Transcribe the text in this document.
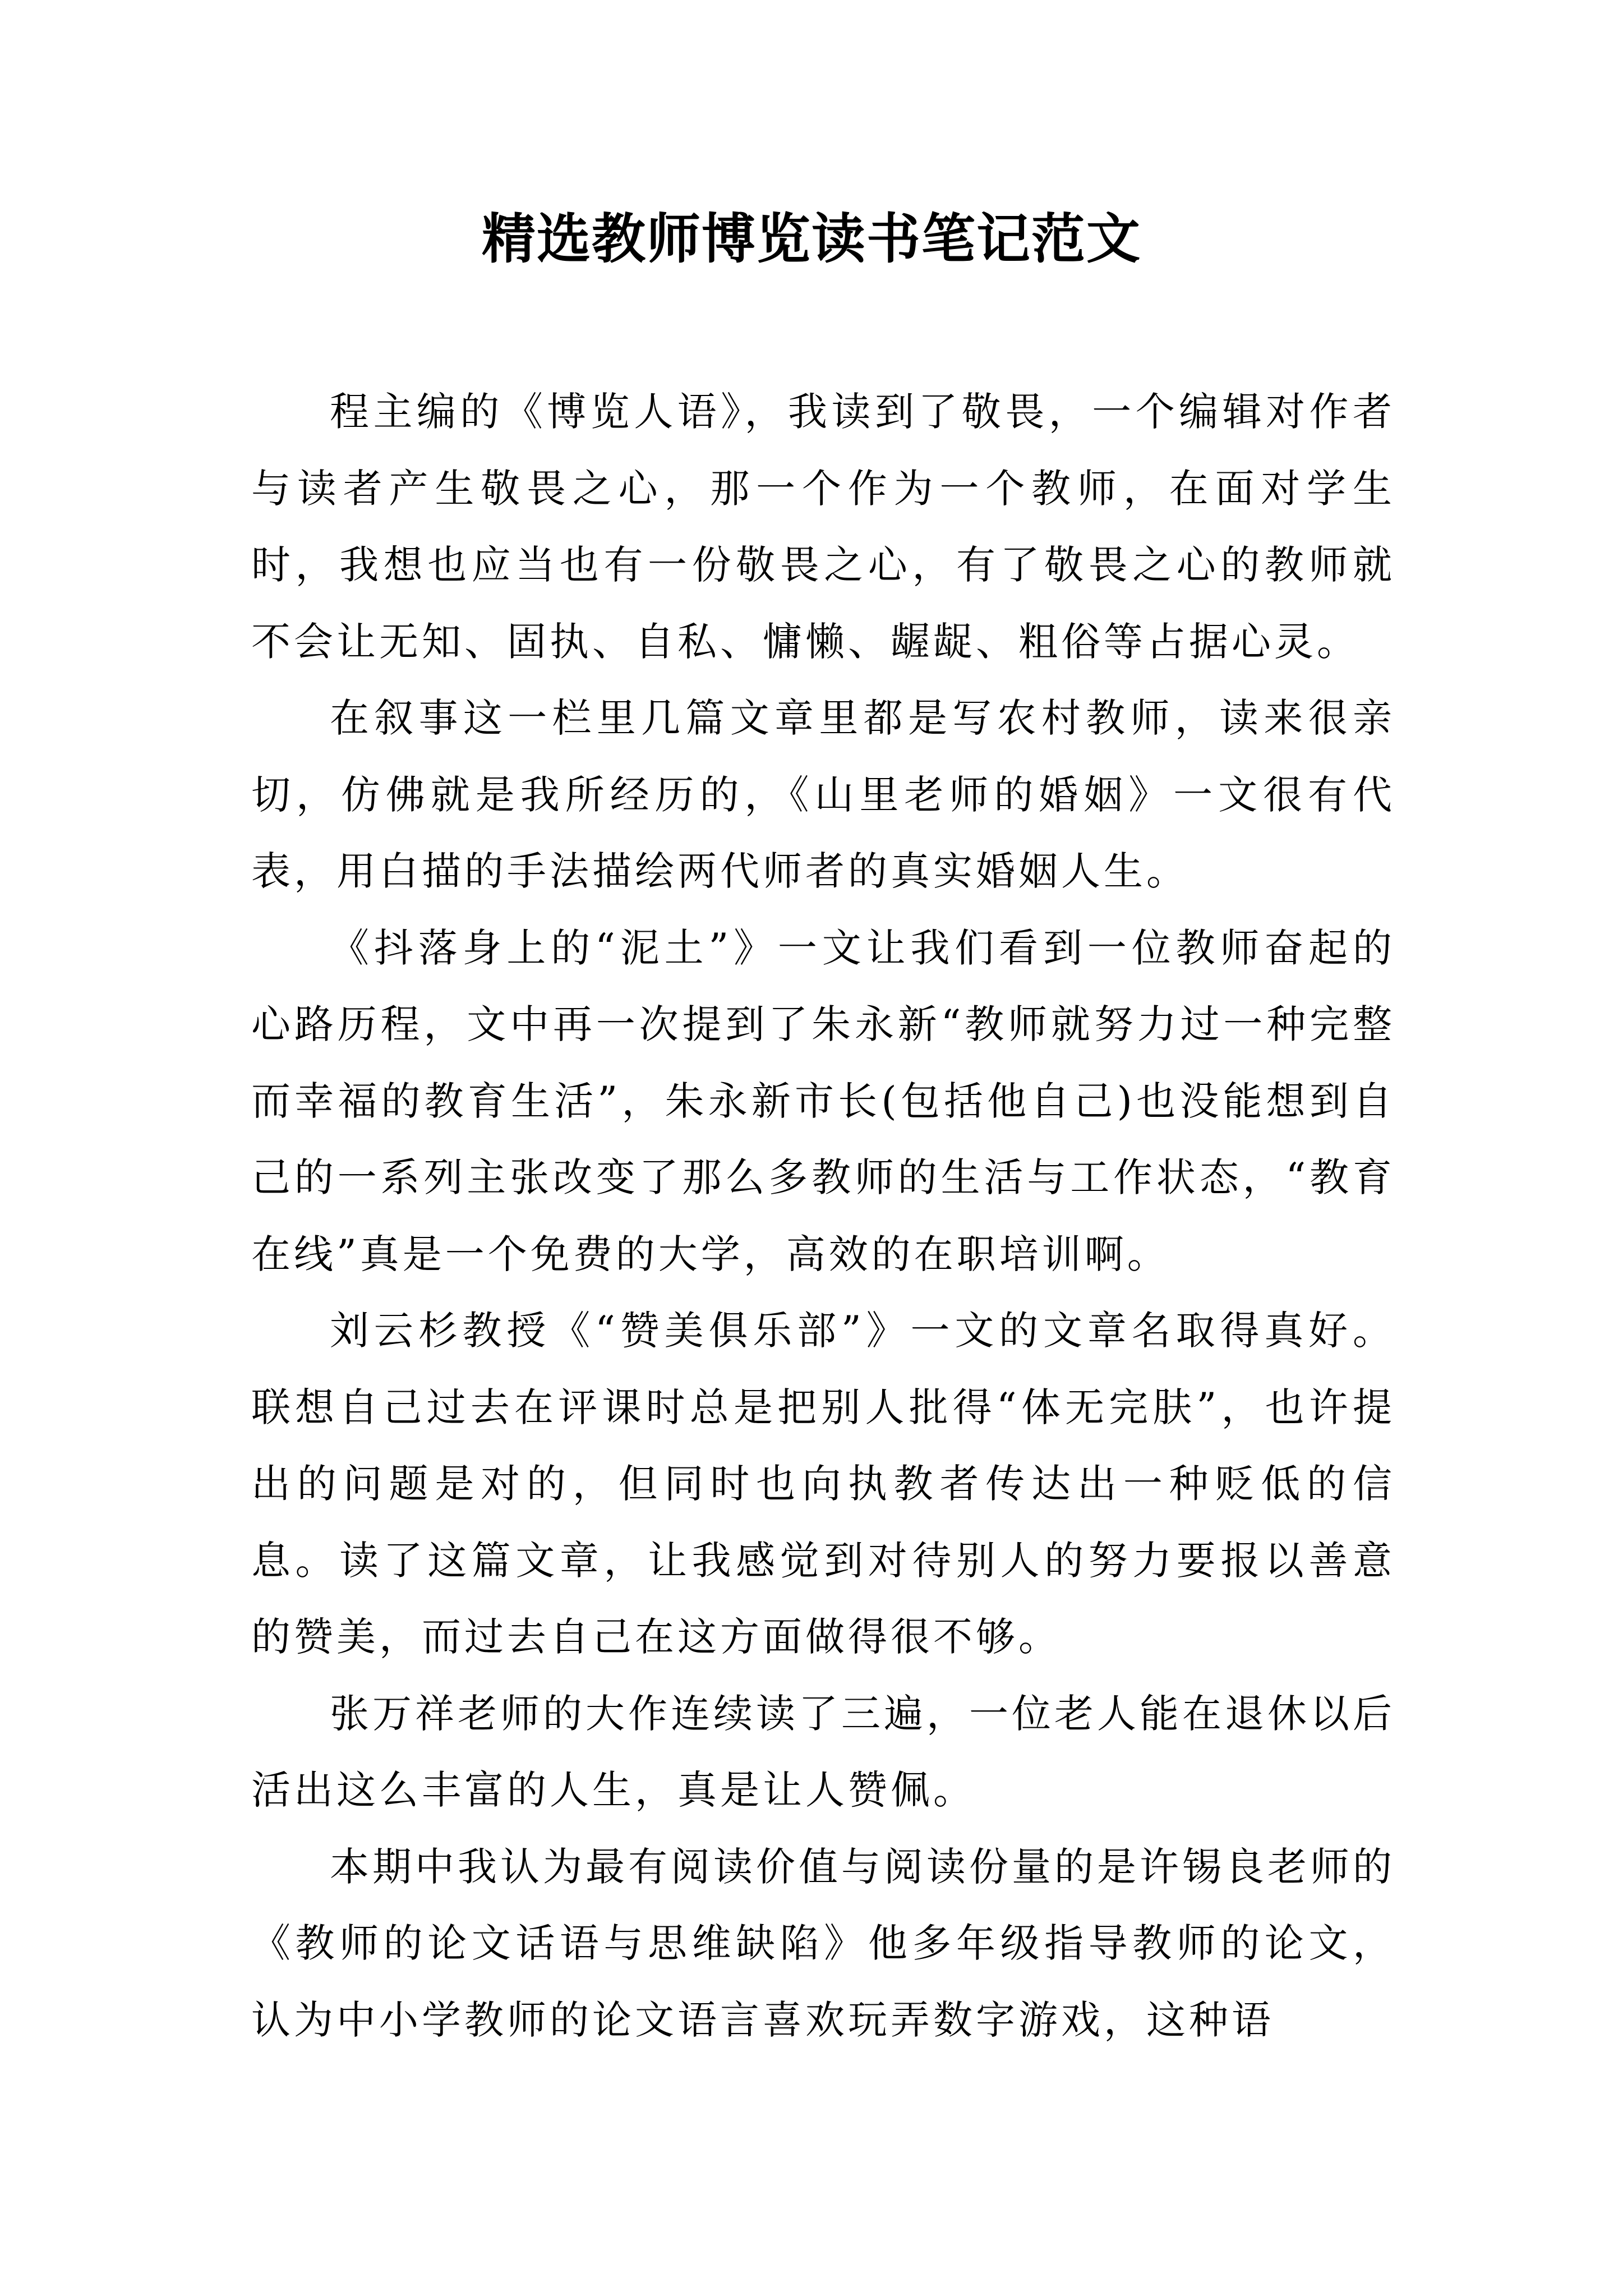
精选教师博览读书笔记范文

程主编的《博览人语》，我读到了敬畏，一个编辑对作者与读者产生敬畏之心，那一个作为一个教师，在面对学生时，我想也应当也有一份敬畏之心，有了敬畏之心的教师就不会让无知、固执、自私、慵懒、龌龊、粗俗等占据心灵。

在叙事这一栏里几篇文章里都是写农村教师，读来很亲切，仿佛就是我所经历的，《山里老师的婚姻》一文很有代表，用白描的手法描绘两代师者的真实婚姻人生。

《抖落身上的“泥土”》一文让我们看到一位教师奋起的心路历程，文中再一次提到了朱永新“教师就努力过一种完整而幸福的教育生活”，朱永新市长(包括他自己)也没能想到自己的一系列主张改变了那么多教师的生活与工作状态，“教育在线”真是一个免费的大学，高效的在职培训啊。

刘云杉教授《“赞美俱乐部”》一文的文章名取得真好。联想自己过去在评课时总是把别人批得“体无完肤”，也许提出的问题是对的，但同时也向执教者传达出一种贬低的信息。读了这篇文章，让我感觉到对待别人的努力要报以善意的赞美，而过去自己在这方面做得很不够。

张万祥老师的大作连续读了三遍，一位老人能在退休以后活出这么丰富的人生，真是让人赞佩。

本期中我认为最有阅读价值与阅读份量的是许锡良老师的《教师的论文话语与思维缺陷》他多年级指导教师的论文，认为中小学教师的论文语言喜欢玩弄数字游戏，这种语
